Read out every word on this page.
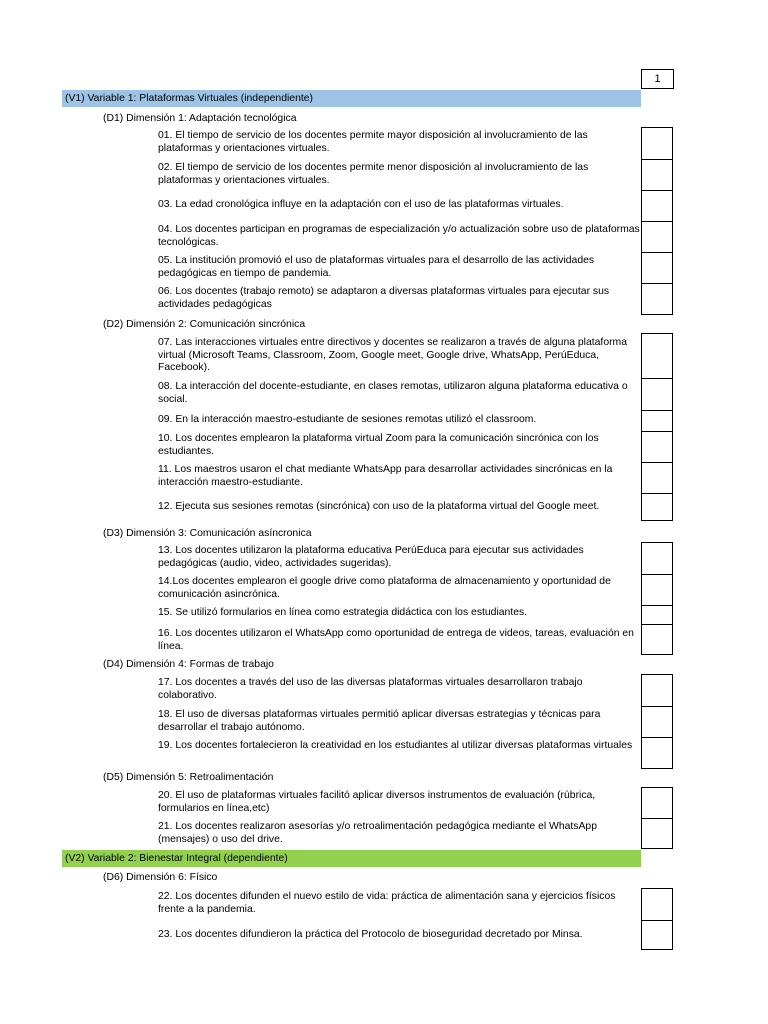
1
(V1) Variable 1: Plataformas Virtuales (independiente)
(D1) Dimensión 1: Adaptación tecnológica
01. El tiempo de servicio de los docentes permite mayor disposición al involucramiento de las plataformas y orientaciones virtuales.
02. El tiempo de servicio de los docentes permite menor disposición al involucramiento de las plataformas y orientaciones virtuales.
03. La edad cronológica influye en la adaptación con el uso de las plataformas virtuales.
04. Los docentes participan en programas de especialización y/o actualización sobre uso de plataformas tecnológicas.
05. La institución promovió el uso de plataformas virtuales para el desarrollo de las actividades pedagógicas en tiempo de pandemia.
06. Los docentes (trabajo remoto) se adaptaron a diversas plataformas virtuales para ejecutar sus actividades pedagógicas
(D2) Dimensión 2: Comunicación sincrónica
07. Las interacciones virtuales entre directivos y docentes se realizaron a través de alguna plataforma virtual (Microsoft Teams, Classroom, Zoom, Google meet, Google drive, WhatsApp, PerúEduca, Facebook).
08. La interacción del docente-estudiante, en clases remotas, utilizaron alguna plataforma educativa o social.
09. En la interacción maestro-estudiante de sesiones remotas utilizó el classroom.
10. Los docentes emplearon la plataforma virtual Zoom para la comunicación sincrónica con los estudiantes.
11. Los maestros usaron el chat mediante WhatsApp para desarrollar actividades sincrónicas en la interacción maestro-estudiante.
12. Ejecuta sus sesiones remotas (sincrónica) con uso de la plataforma virtual del Google meet.
(D3) Dimensión 3: Comunicación asíncronica
13. Los docentes utilizaron la plataforma educativa PerúEduca para ejecutar sus actividades pedagógicas (audio, video, actividades sugeridas).
14.Los docentes emplearon el google drive como plataforma de almacenamiento y oportunidad de comunicación asincrónica.
15. Se utilizó formularios en línea como estrategia didáctica con los estudiantes.
16. Los docentes utilizaron el WhatsApp como oportunidad de entrega de videos, tareas, evaluación en línea.
(D4) Dimensión 4: Formas de trabajo
17. Los docentes a través del uso de las diversas plataformas virtuales desarrollaron trabajo colaborativo.
18. El uso de diversas plataformas virtuales permitió aplicar diversas estrategias y técnicas para desarrollar el trabajo autónomo.
19. Los docentes fortalecieron la creatividad en los estudiantes al utilizar diversas plataformas virtuales
(D5) Dimensión 5: Retroalimentación
20. El uso de plataformas virtuales facilitó aplicar diversos instrumentos de evaluación (rúbrica, formularios en línea,etc)
21. Los docentes realizaron asesorías y/o retroalimentación pedagógica mediante el WhatsApp (mensajes) o uso del drive.
(V2) Variable 2: Bienestar Integral (dependiente)
(D6) Dimensión 6: Físico
22. Los docentes difunden el nuevo estilo de vida: práctica de alimentación sana y ejercicios físicos frente a la pandemia.
23. Los docentes difundieron la práctica del Protocolo de bioseguridad decretado por Minsa.
